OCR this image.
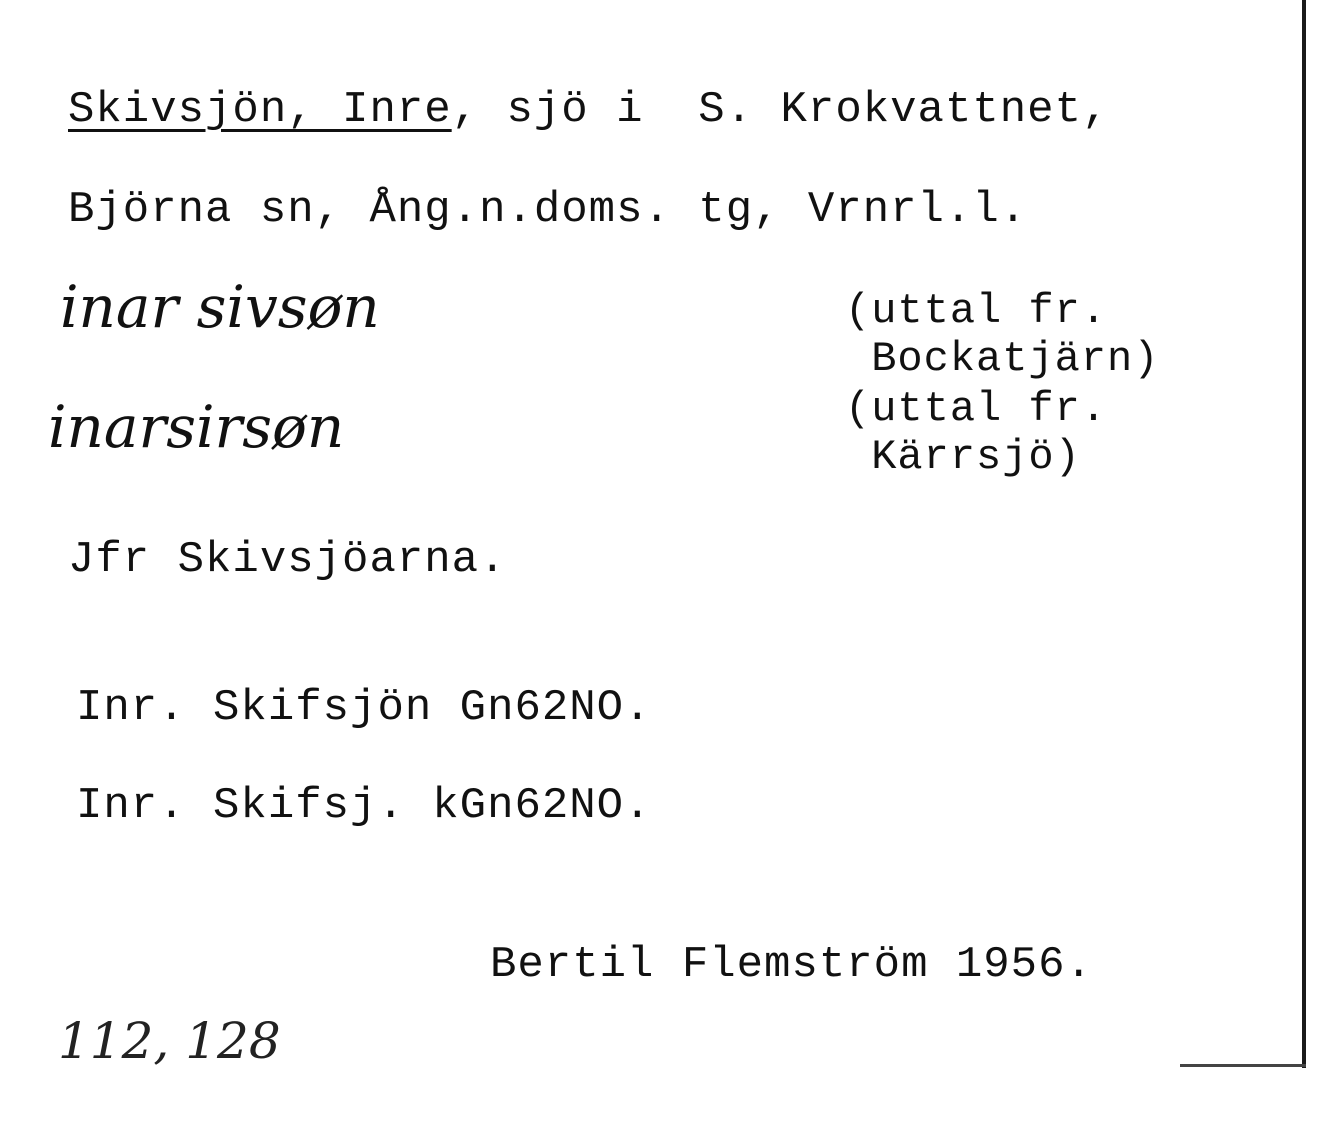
Skivsjön, Inre, sjö i  S. Krokvattnet,
Björna sn, Ång.n.doms. tg, Vrnrl.l.
inar sivsøn	(uttal fr.
Bockatjärn)
inarsirsøn	(uttal fr.
Kärrsjö)
Jfr Skivsjöarna.
Inr. Skifsjön Gn62NO.
Inr. Skifsj. kGn62NO.
Bertil Flemström 1956.
112, 128
